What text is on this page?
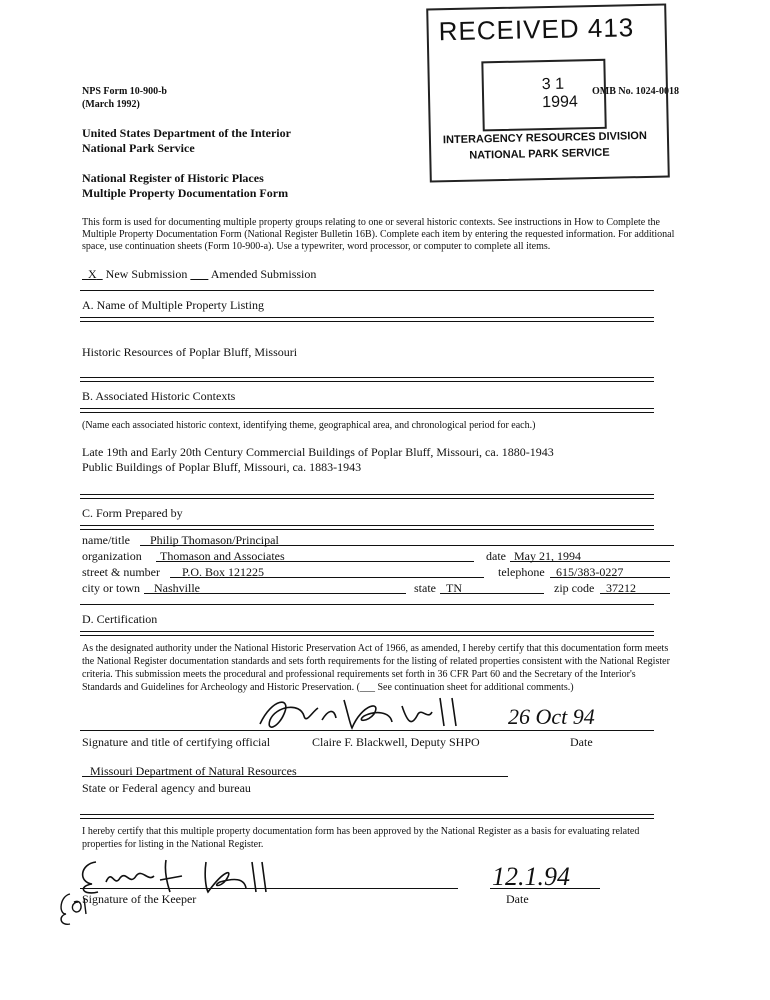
NPS Form 10-900-b
(March 1992)
OMB No. 1024-0018
United States Department of the Interior
National Park Service
National Register of Historic Places
Multiple Property Documentation Form
RECEIVED 413
3 1 1994
INTERAGENCY RESOURCES DIVISION
NATIONAL PARK SERVICE
This form is used for documenting multiple property groups relating to one or several historic contexts. See instructions in How to Complete the
Multiple Property Documentation Form (National Register Bulletin 16B). Complete each item by entering the requested information. For additional
space, use continuation sheets (Form 10-900-a). Use a typewriter, word processor, or computer to complete all items.
X New Submission Amended Submission
A. Name of Multiple Property Listing
Historic Resources of Poplar Bluff, Missouri
B. Associated Historic Contexts
(Name each associated historic context, identifying theme, geographical area, and chronological period for each.)
Late 19th and Early 20th Century Commercial Buildings of Poplar Bluff, Missouri, ca. 1880-1943
Public Buildings of Poplar Bluff, Missouri, ca. 1883-1943
C. Form Prepared by
name/title	Philip Thomason/Principal
organization	Thomason and Associates	date May 21, 1994
street & number	P.O. Box 121225	telephone 615/383-0227
city or town	Nashville	state TN	zip code 37212
D. Certification
As the designated authority under the National Historic Preservation Act of 1966, as amended, I hereby certify that this documentation form meets
the National Register documentation standards and sets forth requirements for the listing of related properties consistent with the National Register
criteria. This submission meets the procedural and professional requirements set forth in 36 CFR Part 60 and the Secretary of the Interior's
Standards and Guidelines for Archeology and Historic Preservation. (___ See continuation sheet for additional comments.)
26 Oct 94
Signature and title of certifying official	Claire F. Blackwell, Deputy SHPO	Date
Missouri Department of Natural Resources
State or Federal agency and bureau
I hereby certify that this multiple property documentation form has been approved by the National Register as a basis for evaluating related
properties for listing in the National Register.
12.1.94
Signature of the Keeper	Date
